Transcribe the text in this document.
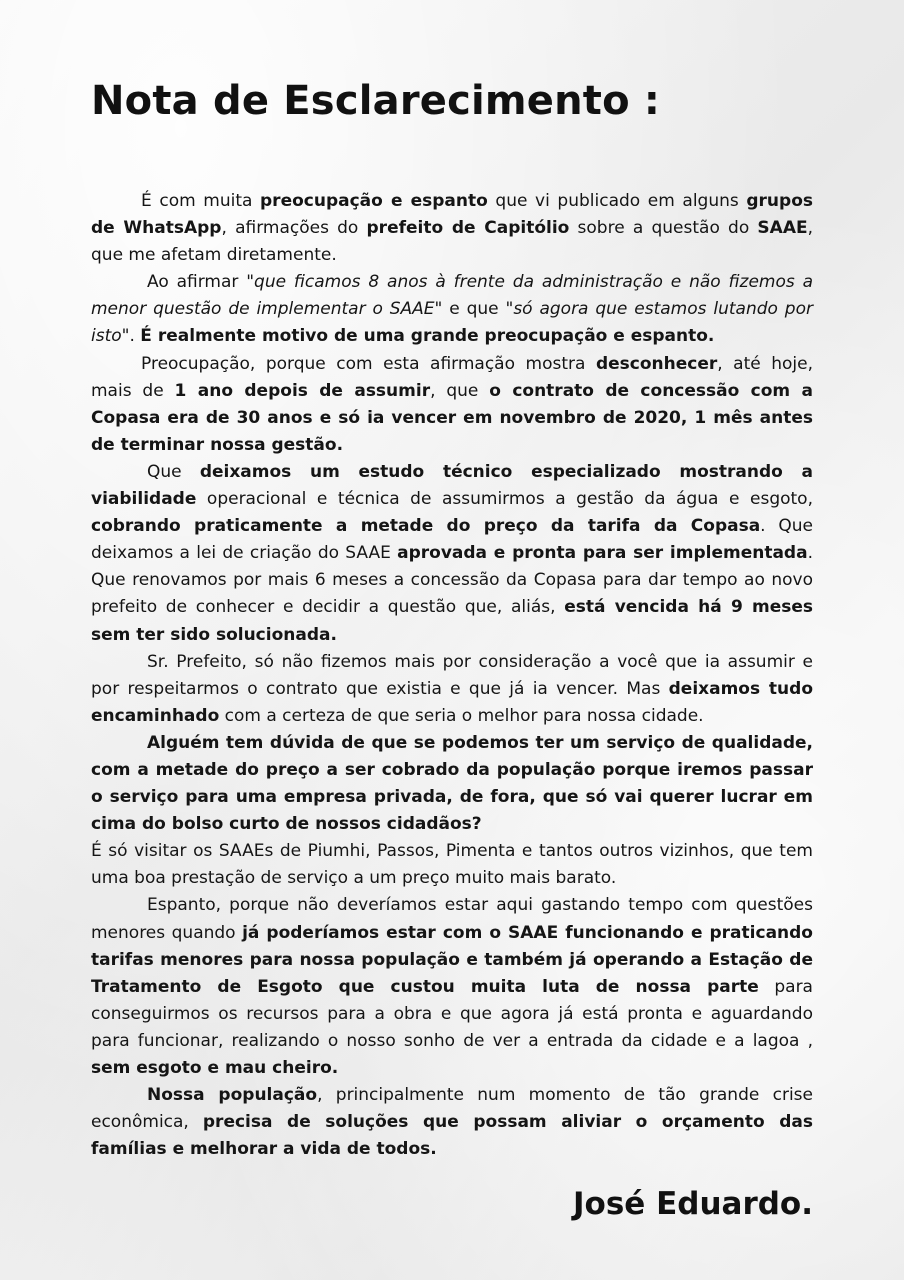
Nota de Esclarecimento :

É com muita preocupação e espanto que vi publicado em alguns grupos de WhatsApp, afirmações do prefeito de Capitólio sobre a questão do SAAE, que me afetam diretamente.

Ao afirmar "que ficamos 8 anos à frente da administração e não fizemos a menor questão de implementar o SAAE" e que "só agora que estamos lutando por isto". É realmente motivo de uma grande preocupação e espanto.

Preocupação, porque com esta afirmação mostra desconhecer, até hoje, mais de 1 ano depois de assumir, que o contrato de concessão com a Copasa era de 30 anos e só ia vencer em novembro de 2020, 1 mês antes de terminar nossa gestão.

Que deixamos um estudo técnico especializado mostrando a viabilidade operacional e técnica de assumirmos a gestão da água e esgoto, cobrando praticamente a metade do preço da tarifa da Copasa. Que deixamos a lei de criação do SAAE aprovada e pronta para ser implementada. Que renovamos por mais 6 meses a concessão da Copasa para dar tempo ao novo prefeito de conhecer e decidir a questão que, aliás, está vencida há 9 meses sem ter sido solucionada.

Sr. Prefeito, só não fizemos mais por consideração a você que ia assumir e por respeitarmos o contrato que existia e que já ia vencer. Mas deixamos tudo encaminhado com a certeza de que seria o melhor para nossa cidade.

Alguém tem dúvida de que se podemos ter um serviço de qualidade, com a metade do preço a ser cobrado da população porque iremos passar o serviço para uma empresa privada, de fora, que só vai querer lucrar em cima do bolso curto de nossos cidadãos?

É só visitar os SAAEs de Piumhi, Passos, Pimenta e tantos outros vizinhos, que tem uma boa prestação de serviço a um preço muito mais barato.

Espanto, porque não deveríamos estar aqui gastando tempo com questões menores quando já poderíamos estar com o SAAE funcionando e praticando tarifas menores para nossa população e também já operando a Estação de Tratamento de Esgoto que custou muita luta de nossa parte para conseguirmos os recursos para a obra e que agora já está pronta e aguardando para funcionar, realizando o nosso sonho de ver a entrada da cidade e a lagoa , sem esgoto e mau cheiro.

Nossa população, principalmente num momento de tão grande crise econômica, precisa de soluções que possam aliviar o orçamento das famílias e melhorar a vida de todos.

José Eduardo.
